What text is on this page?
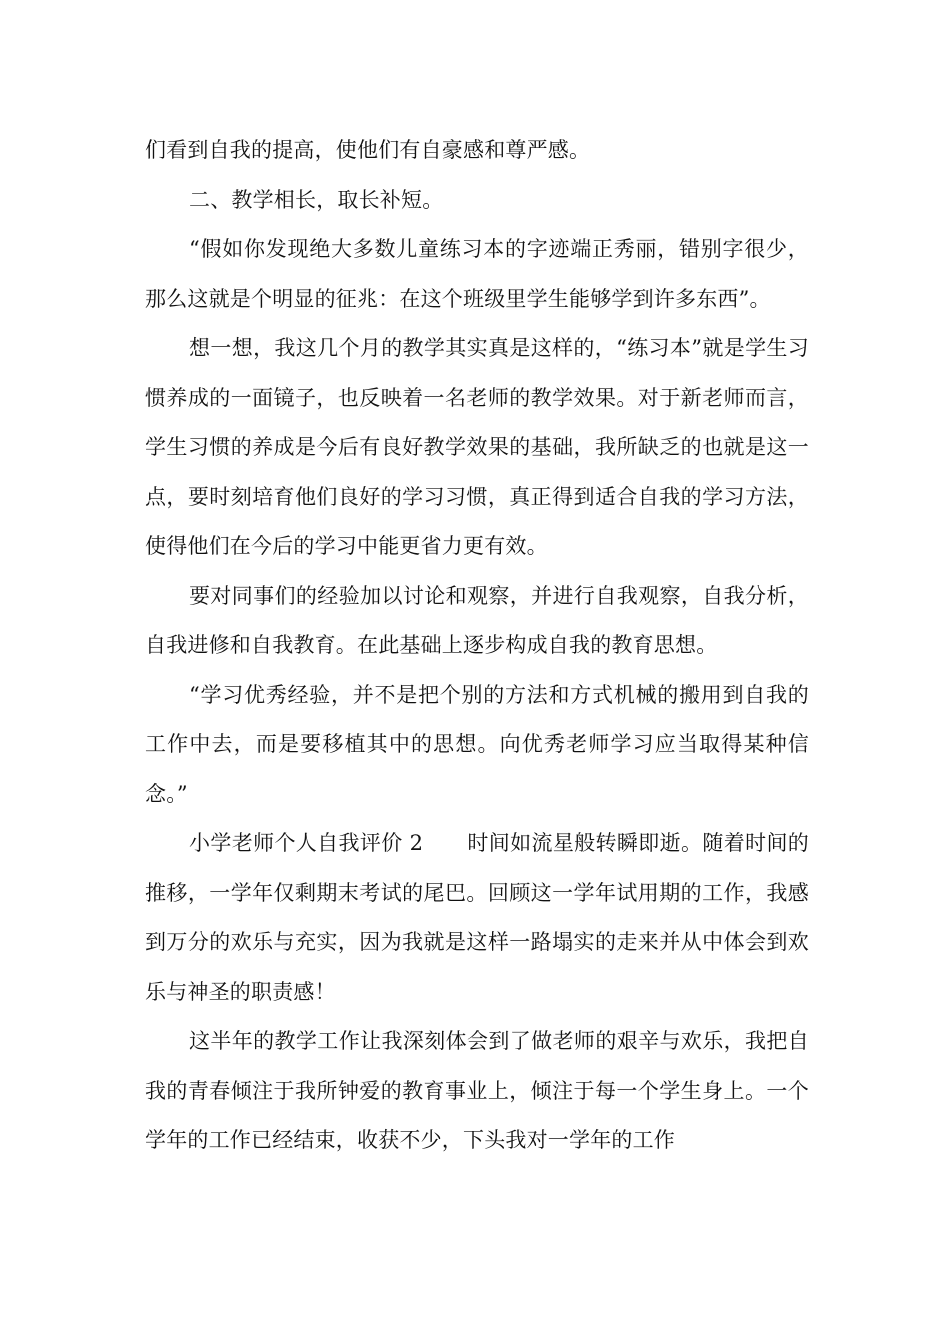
们看到自我的提高，使他们有自豪感和尊严感。

二、教学相长，取长补短。

“假如你发现绝大多数儿童练习本的字迹端正秀丽，错别字很少，那么这就是个明显的征兆：在这个班级里学生能够学到许多东西”。

想一想，我这几个月的教学其实真是这样的，“练习本”就是学生习惯养成的一面镜子，也反映着一名老师的教学效果。对于新老师而言，学生习惯的养成是今后有良好教学效果的基础，我所缺乏的也就是这一点，要时刻培育他们良好的学习习惯，真正得到适合自我的学习方法，使得他们在今后的学习中能更省力更有效。

要对同事们的经验加以讨论和观察，并进行自我观察，自我分析，自我进修和自我教育。在此基础上逐步构成自我的教育思想。

“学习优秀经验，并不是把个别的方法和方式机械的搬用到自我的工作中去，而是要移植其中的思想。向优秀老师学习应当取得某种信念。”

小学老师个人自我评价 2 时间如流星般转瞬即逝。随着时间的推移，一学年仅剩期末考试的尾巴。回顾这一学年试用期的工作，我感到万分的欢乐与充实，因为我就是这样一路塌实的走来并从中体会到欢乐与神圣的职责感！

这半年的教学工作让我深刻体会到了做老师的艰辛与欢乐，我把自我的青春倾注于我所钟爱的教育事业上，倾注于每一个学生身上。一个学年的工作已经结束，收获不少，下头我对一学年的工作
